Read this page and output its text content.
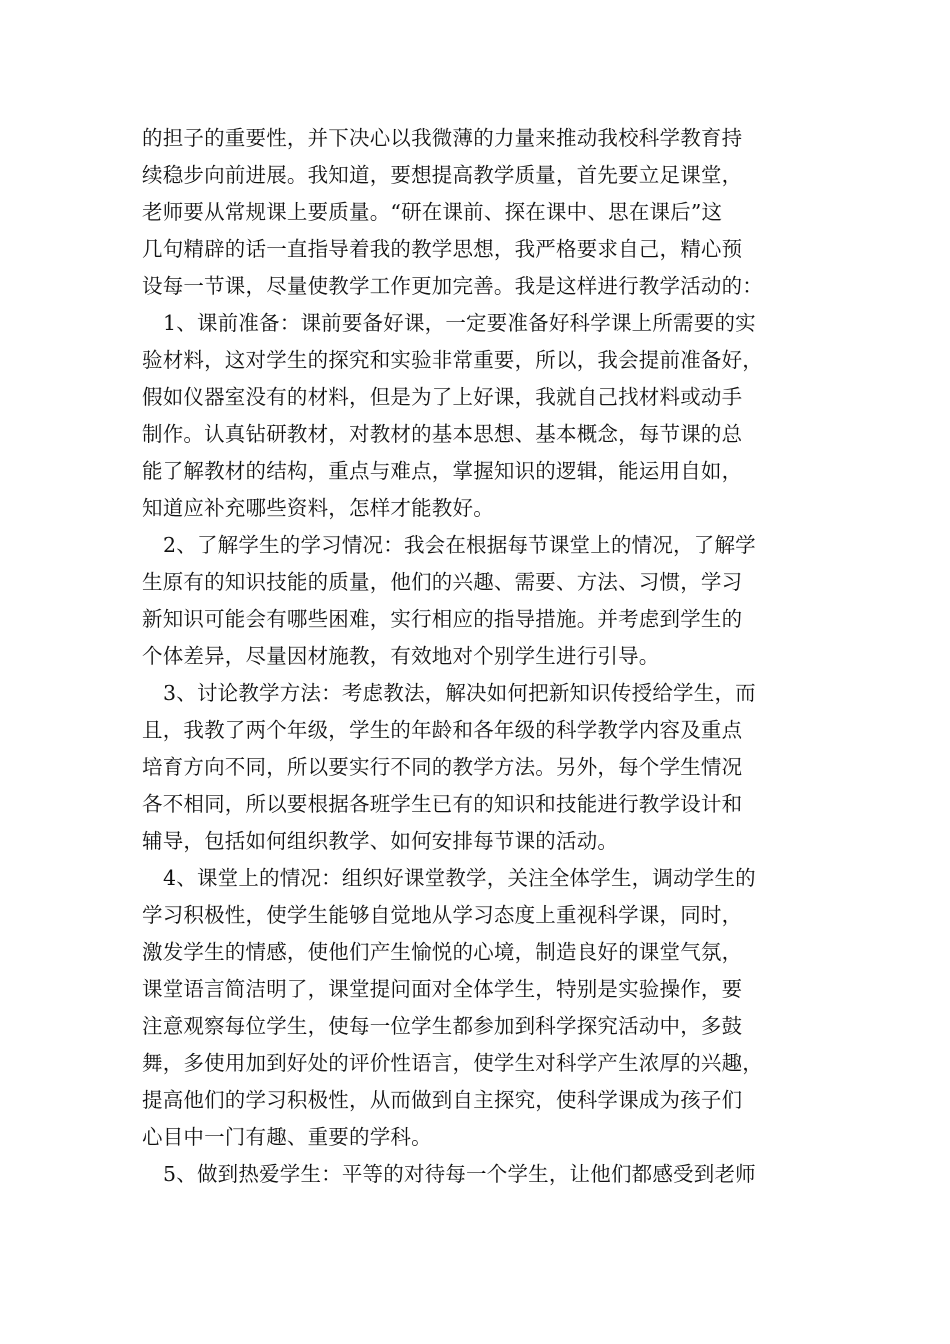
的担子的重要性，并下决心以我微薄的力量来推动我校科学教育持
续稳步向前进展。我知道，要想提高教学质量，首先要立足课堂，
老师要从常规课上要质量。“研在课前、探在课中、思在课后”这
几句精辟的话一直指导着我的教学思想，我严格要求自己，精心预
设每一节课，尽量使教学工作更加完善。我是这样进行教学活动的：
1、课前准备：课前要备好课，一定要准备好科学课上所需要的实
验材料，这对学生的探究和实验非常重要，所以，我会提前准备好，
假如仪器室没有的材料，但是为了上好课，我就自己找材料或动手
制作。认真钻研教材，对教材的基本思想、基本概念，每节课的总
能了解教材的结构，重点与难点，掌握知识的逻辑，能运用自如，
知道应补充哪些资料，怎样才能教好。
2、了解学生的学习情况：我会在根据每节课堂上的情况，了解学
生原有的知识技能的质量，他们的兴趣、需要、方法、习惯，学习
新知识可能会有哪些困难，实行相应的指导措施。并考虑到学生的
个体差异，尽量因材施教，有效地对个别学生进行引导。
3、讨论教学方法：考虑教法，解决如何把新知识传授给学生，而
且，我教了两个年级，学生的年龄和各年级的科学教学内容及重点
培育方向不同，所以要实行不同的教学方法。另外，每个学生情况
各不相同，所以要根据各班学生已有的知识和技能进行教学设计和
辅导，包括如何组织教学、如何安排每节课的活动。
4、课堂上的情况：组织好课堂教学，关注全体学生，调动学生的
学习积极性，使学生能够自觉地从学习态度上重视科学课，同时，
激发学生的情感，使他们产生愉悦的心境，制造良好的课堂气氛，
课堂语言简洁明了，课堂提问面对全体学生，特别是实验操作，要
注意观察每位学生，使每一位学生都参加到科学探究活动中，多鼓
舞，多使用加到好处的评价性语言，使学生对科学产生浓厚的兴趣，
提高他们的学习积极性，从而做到自主探究，使科学课成为孩子们
心目中一门有趣、重要的学科。
5、做到热爱学生：平等的对待每一个学生，让他们都感受到老师
